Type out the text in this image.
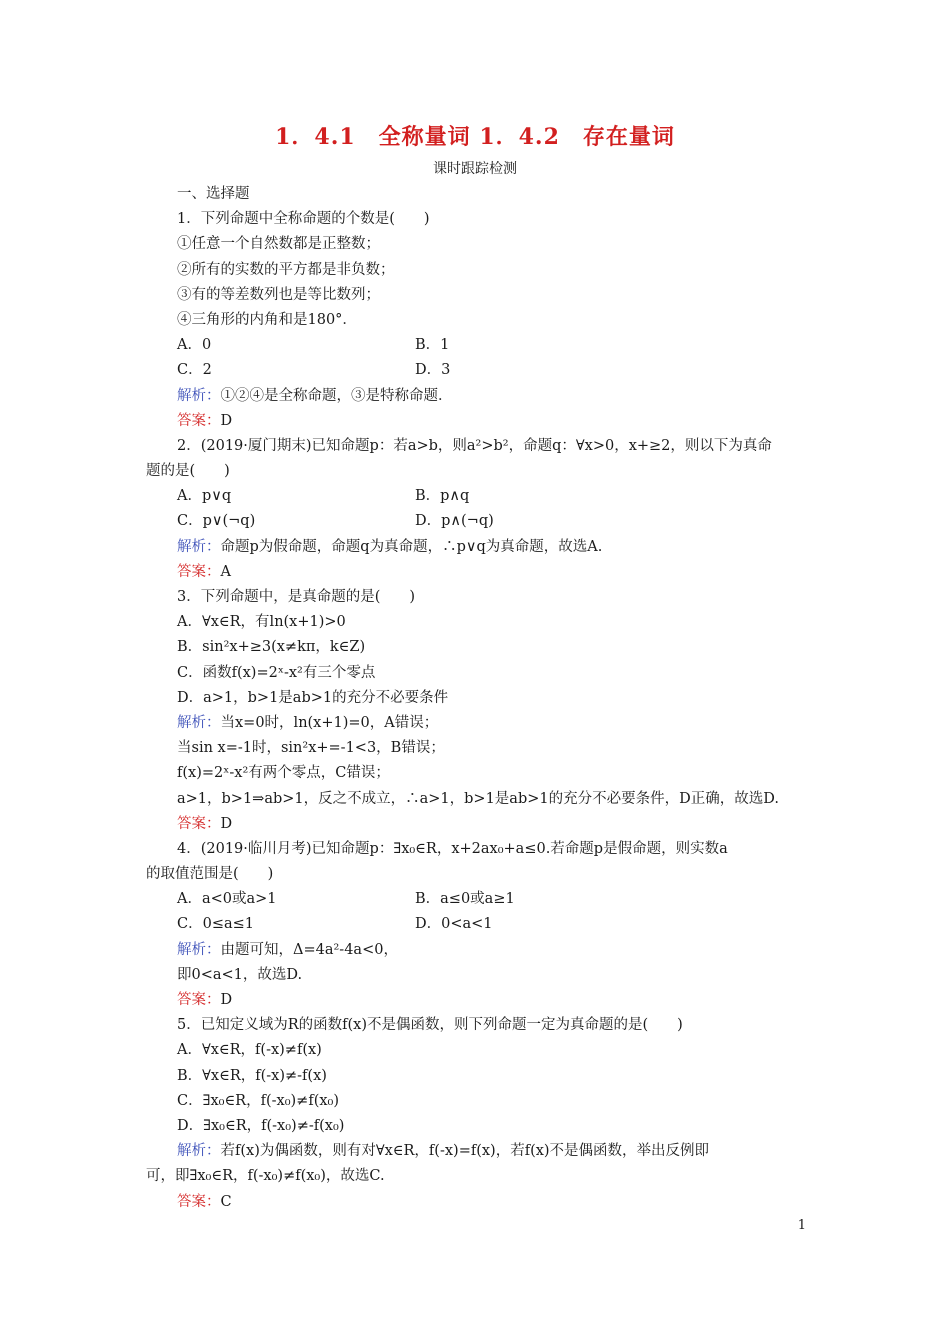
1．4.1　全称量词 1．4.2　存在量词
课时跟踪检测
一、选择题
1．下列命题中全称命题的个数是(　　)
①任意一个自然数都是正整数；
②所有的实数的平方都是非负数；
③有的等差数列也是等比数列；
④三角形的内角和是180°．
A．0	B．1
C．2	D．3
解析：①②④是全称命题，③是特称命题．
答案：D
2．(2019·厦门期末)已知命题p：若a>b，则a²>b²，命题q：∀x>0，x+≥2，则以下为真命
题的是(　　)
A．p∨q	B．p∧q
C．p∨(¬q)	D．p∧(¬q)
解析：命题p为假命题，命题q为真命题，∴p∨q为真命题，故选A.
答案：A
3．下列命题中，是真命题的是(　　)
A．∀x∈R，有ln(x+1)>0
B．sin²x+≥3(x≠kπ，k∈Z)
C．函数f(x)=2ˣ-x²有三个零点
D．a>1，b>1是ab>1的充分不必要条件
解析：当x=0时，ln(x+1)=0，A错误；
当sin x=-1时，sin²x+=-1<3，B错误；
f(x)=2ˣ-x²有两个零点，C错误；
a>1，b>1⇒ab>1，反之不成立，∴a>1，b>1是ab>1的充分不必要条件，D正确，故选D.
答案：D
4．(2019·临川月考)已知命题p：∃x₀∈R，x+2ax₀+a≤0.若命题p是假命题，则实数a
的取值范围是(　　)
A．a<0或a>1	B．a≤0或a≥1
C．0≤a≤1	D．0<a<1
解析：由题可知，Δ=4a²-4a<0，
即0<a<1，故选D.
答案：D
5．已知定义域为R的函数f(x)不是偶函数，则下列命题一定为真命题的是(　　)
A．∀x∈R，f(-x)≠f(x)
B．∀x∈R，f(-x)≠-f(x)
C．∃x₀∈R，f(-x₀)≠f(x₀)
D．∃x₀∈R，f(-x₀)≠-f(x₀)
解析：若f(x)为偶函数，则有对∀x∈R，f(-x)=f(x)，若f(x)不是偶函数，举出反例即
可，即∃x₀∈R，f(-x₀)≠f(x₀)，故选C.
答案：C
1
